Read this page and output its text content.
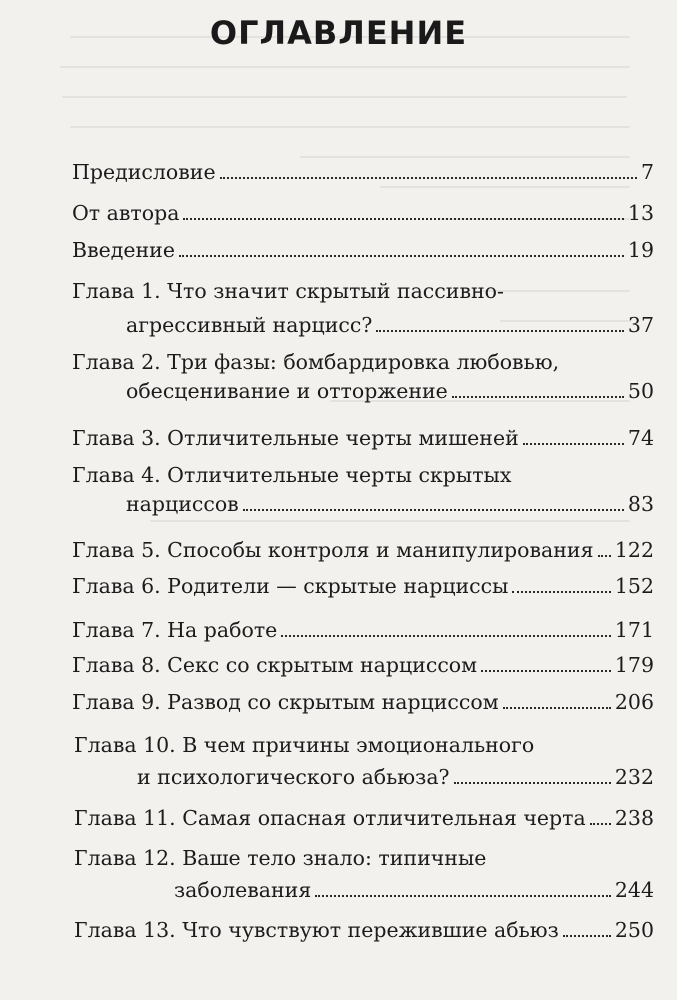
ОГЛАВЛЕНИЕ
Предисловие	7
От автора	13
Введение	19
Глава 1. Что значит скрытый пассивно-
агрессивный нарцисс?	37
Глава 2. Три фазы: бомбардировка любовью,
обесценивание и отторжение	50
Глава 3. Отличительные черты мишеней	74
Глава 4. Отличительные черты скрытых
нарциссов	83
Глава 5. Способы контроля и манипулирования 122
Глава 6. Родители — скрытые нарциссы	152
Глава 7. На работе	171
Глава 8. Секс со скрытым нарциссом	179
Глава 9. Развод со скрытым нарциссом	206
Глава 10. В чем причины эмоционального
и психологического абьюза?	232
Глава 11. Самая опасная отличительная черта 238
Глава 12. Ваше тело знало: типичные
заболевания	244
Глава 13. Что чувствуют пережившие абьюз	250
